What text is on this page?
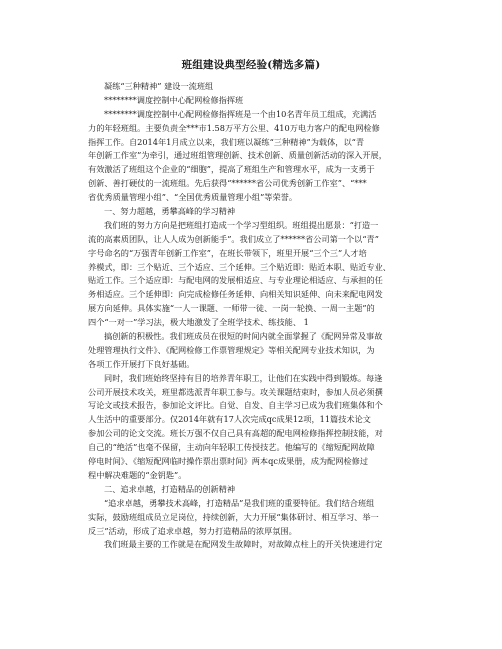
班组建设典型经验(精选多篇)
凝练“三种精神” 建设一流班组
********调度控制中心配网检修指挥班
********调度控制中心配网检修指挥班是一个由10名青年员工组成，充满活
力的年轻班组。主要负责全***市1.58万平方公里、410万电力客户的配电网检修
指挥工作。自2014年1月成立以来，我们班以凝练“三种精神”为载体，以“青
年创新工作室”为牵引，通过班组管理创新、技术创新、质量创新活动的深入开展，
有效激活了班组这个企业的“细胞”，提高了班组生产和管理水平，成为一支勇于
创新、善打硬仗的一流班组。先后获得“******省公司优秀创新工作室”、“***
省优秀质量管理小组”、“全国优秀质量管理小组”等荣誉。
一、努力超越，勇攀高峰的学习精神
我们班的努力方向是把班组打造成一个学习型组织。班组提出愿景：“打造一
流的高素质团队，让人人成为创新能手”。我们成立了******省公司第一个以“青”
字号命名的“万强青年创新工作室”，在班长带领下，班里开展“三个三”人才培
养模式，即：三个贴近、三个适应、三个延伸。三个贴近即：贴近本职、贴近专业、
贴近工作。三个适应即：与配电网的发展相适应、与专业理论相适应、与承担的任
务相适应。三个延伸即：向完成检修任务延伸、向相关知识延伸、向未来配电网发
展方向延伸。具体实施“一人一课题、一师带一徒、一岗一轮换、一周一主题”的
四个“一对一”学习法，极大地激发了全班学技术、练技能、 1
搞创新的积极性。我们班成员在很短的时间内就全面掌握了《配网异常及事故
处理管理执行文件》、《配网检修工作票管理规定》等相关配网专业技术知识，为
各项工作开展打下良好基础。
同时，我们班始终坚持有目的培养青年职工，让他们在实践中得到锻炼。每逢
公司开展技术攻关，班里都选派青年职工参与。攻关课题结束时，参加人员必须撰
写论文或技术报告，参加论文评比。自觉、自发、自主学习已成为我们班集体和个
人生活中的重要部分。仅2014年就有17人次完成qc成果12项，11篇技术论文
参加公司的论文交流。班长万强不仅自己具有高超的配电网检修指挥控制技能，对
自己的“绝活”也毫不保留，主动向年轻职工传授技艺。他编写的《缩短配网故障
停电时间》、《缩短配网临时操作票出票时间》两本qc成果册，成为配网检修过
程中解决难题的“金钥匙”。
二、追求卓越，打造精品的创新精神
“追求卓越，勇攀技术高峰，打造精品”是我们班的重要特征。我们结合班组
实际，鼓励班组成员立足岗位，持续创新，大力开展“集体研讨、相互学习、举一
反三”活动，形成了追求卓越，努力打造精品的浓厚氛围。
我们班最主要的工作就是在配网发生故障时，对故障点柱上的开关快速进行定
